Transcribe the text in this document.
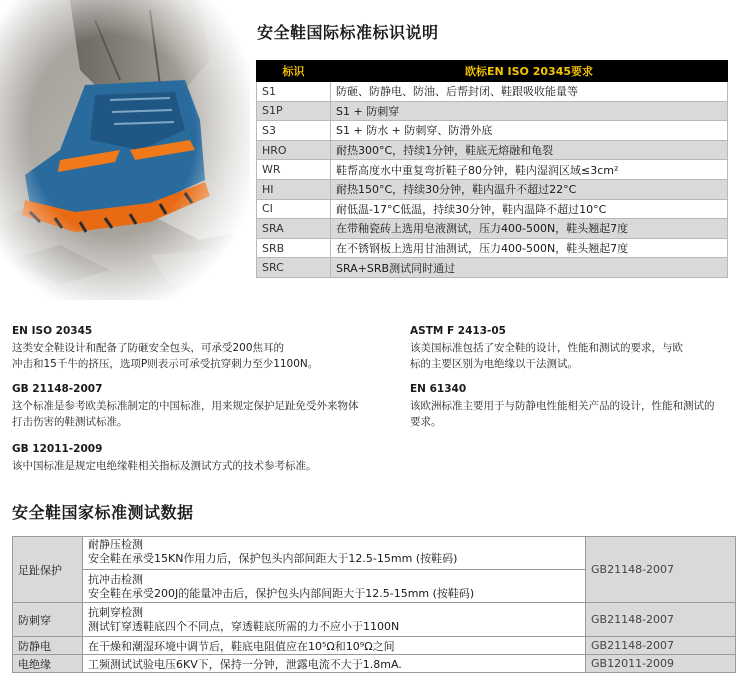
安全鞋国际标准标识说明
标识	欧标EN ISO 20345要求
S1	防砸、防静电、防油、后帮封闭、鞋跟吸收能量等
S1P	S1 + 防刺穿
S3	S1 + 防水 + 防刺穿、防滑外底
HRO	耐热300°C，持续1分钟，鞋底无熔融和龟裂
WR	鞋帮高度水中重复弯折鞋子80分钟，鞋内湿润区域≤3cm²
HI	耐热150°C，持续30分钟，鞋内温升不超过22°C
CI	耐低温-17°C低温，持续30分钟，鞋内温降不超过10°C
SRA	在带釉瓷砖上选用皂液测试，压力400-500N，鞋头翘起7度
SRB	在不锈钢板上选用甘油测试，压力400-500N，鞋头翘起7度
SRC	SRA+SRB测试同时通过
EN ISO 20345
这类安全鞋设计和配备了防砸安全包头，可承受200焦耳的
冲击和15千牛的挤压，选项P则表示可承受抗穿刺力至少1100N。
GB 21148-2007
这个标准是参考欧美标准制定的中国标准，用来规定保护足趾免受外来物体
打击伤害的鞋测试标准。
GB 12011-2009
该中国标准是规定电绝缘鞋相关指标及测试方式的技术参考标准。
ASTM F 2413-05
该美国标准包括了安全鞋的设计，性能和测试的要求，与欧
标的主要区别为电绝缘以干法测试。
EN 61340
该欧洲标准主要用于与防静电性能相关产品的设计，性能和测试的
要求。
安全鞋国家标准测试数据
足趾保护	耐静压检测
安全鞋在承受15KN作用力后，保护包头内部间距大于12.5-15mm (按鞋码)
抗冲击检测
安全鞋在承受200J的能量冲击后，保护包头内部间距大于12.5-15mm (按鞋码)	GB21148-2007
防刺穿	抗刺穿检测
测试钉穿透鞋底四个不同点，穿透鞋底所需的力不应小于1100N	GB21148-2007
防静电	在干燥和潮湿环境中调节后，鞋底电阻值应在10⁵Ω和10⁹Ω之间	GB21148-2007
电绝缘	工频测试试验电压6KV下，保持一分钟，泄露电流不大于1.8mA.	GB12011-2009
